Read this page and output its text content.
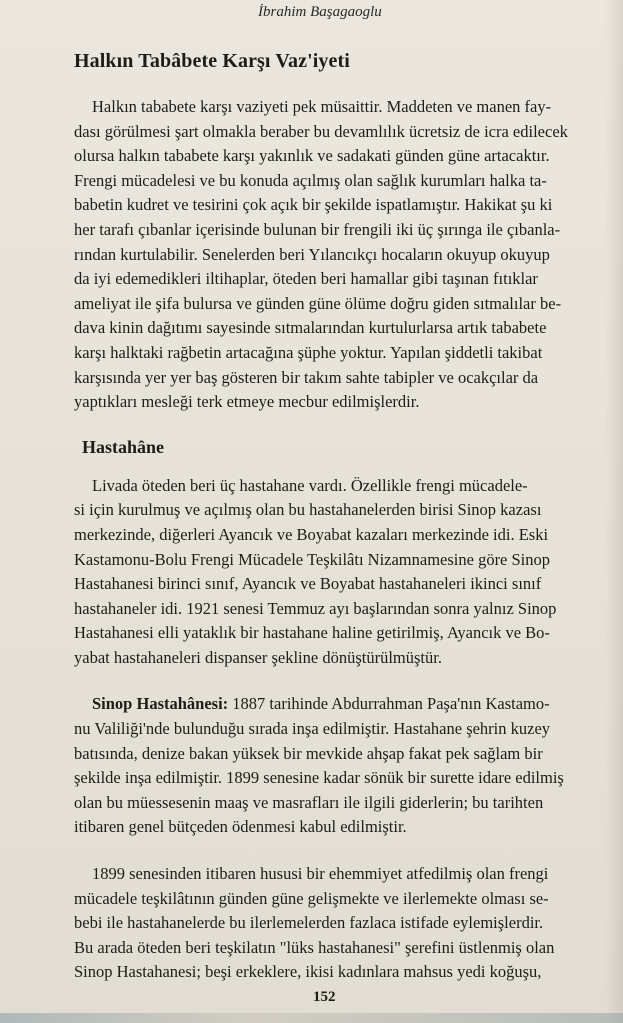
İbrahim Başagaoglu
Halkın Tabâbete Karşı Vaz'iyeti
Halkın tababete karşı vaziyeti pek müsaittir. Maddeten ve manen fay-
dası görülmesi şart olmakla beraber bu devamlılık ücretsiz de icra edilecek
olursa halkın tababete karşı yakınlık ve sadakati günden güne artacaktır.
Frengi mücadelesi ve bu konuda açılmış olan sağlık kurumları halka ta-
babetin kudret ve tesirini çok açık bir şekilde ispatlamıştır. Hakikat şu ki
her tarafı çıbanlar içerisinde bulunan bir frengili iki üç şırınga ile çıbanla-
rından kurtulabilir. Senelerden beri Yılancıkçı hocaların okuyup okuyup
da iyi edemedikleri iltihaplar, öteden beri hamallar gibi taşınan fıtıklar
ameliyat ile şifa bulursa ve günden güne ölüme doğru giden sıtmalılar be-
dava kinin dağıtımı sayesinde sıtmalarından kurtulurlarsa artık tababete
karşı halktaki rağbetin artacağına şüphe yoktur. Yapılan şiddetli takibat
karşısında yer yer baş gösteren bir takım sahte tabipler ve ocakçılar da
yaptıkları mesleği terk etmeye mecbur edilmişlerdir.
Hastahâne
Livada öteden beri üç hastahane vardı. Özellikle frengi mücadele-
si için kurulmuş ve açılmış olan bu hastahanelerden birisi Sinop kazası
merkezinde, diğerleri Ayancık ve Boyabat kazaları merkezinde idi. Eski
Kastamonu-Bolu Frengi Mücadele Teşkilâtı Nizamnamesine göre Sinop
Hastahanesi birinci sınıf, Ayancık ve Boyabat hastahaneleri ikinci sınıf
hastahaneler idi. 1921 senesi Temmuz ayı başlarından sonra yalnız Sinop
Hastahanesi elli yataklık bir hastahane haline getirilmiş, Ayancık ve Bo-
yabat hastahaneleri dispanser şekline dönüştürülmüştür.
Sinop Hastahânesi: 1887 tarihinde Abdurrahman Paşa'nın Kastamo-
nu Valiliği'nde bulunduğu sırada inşa edilmiştir. Hastahane şehrin kuzey
batısında, denize bakan yüksek bir mevkide ahşap fakat pek sağlam bir
şekilde inşa edilmiştir. 1899 senesine kadar sönük bir surette idare edilmiş
olan bu müessesenin maaş ve masrafları ile ilgili giderlerin; bu tarihten
itibaren genel bütçeden ödenmesi kabul edilmiştir.
1899 senesinden itibaren husus​i bir ehemmiyet atfedilmiş olan frengi
mücadele teşkilâtının günden güne gelişmekte ve ilerlemekte olması se-
bebi ile hastahanelerde bu ilerlemelerden fazlaca istifade eylemişlerdir.
Bu arada öteden beri teşkilatın "lüks hastahanesi" şerefini üstlenmiş olan
Sinop Hastahanesi; beşi erkeklere, ikisi kadınlara mahsus yedi koğuşu,
152
